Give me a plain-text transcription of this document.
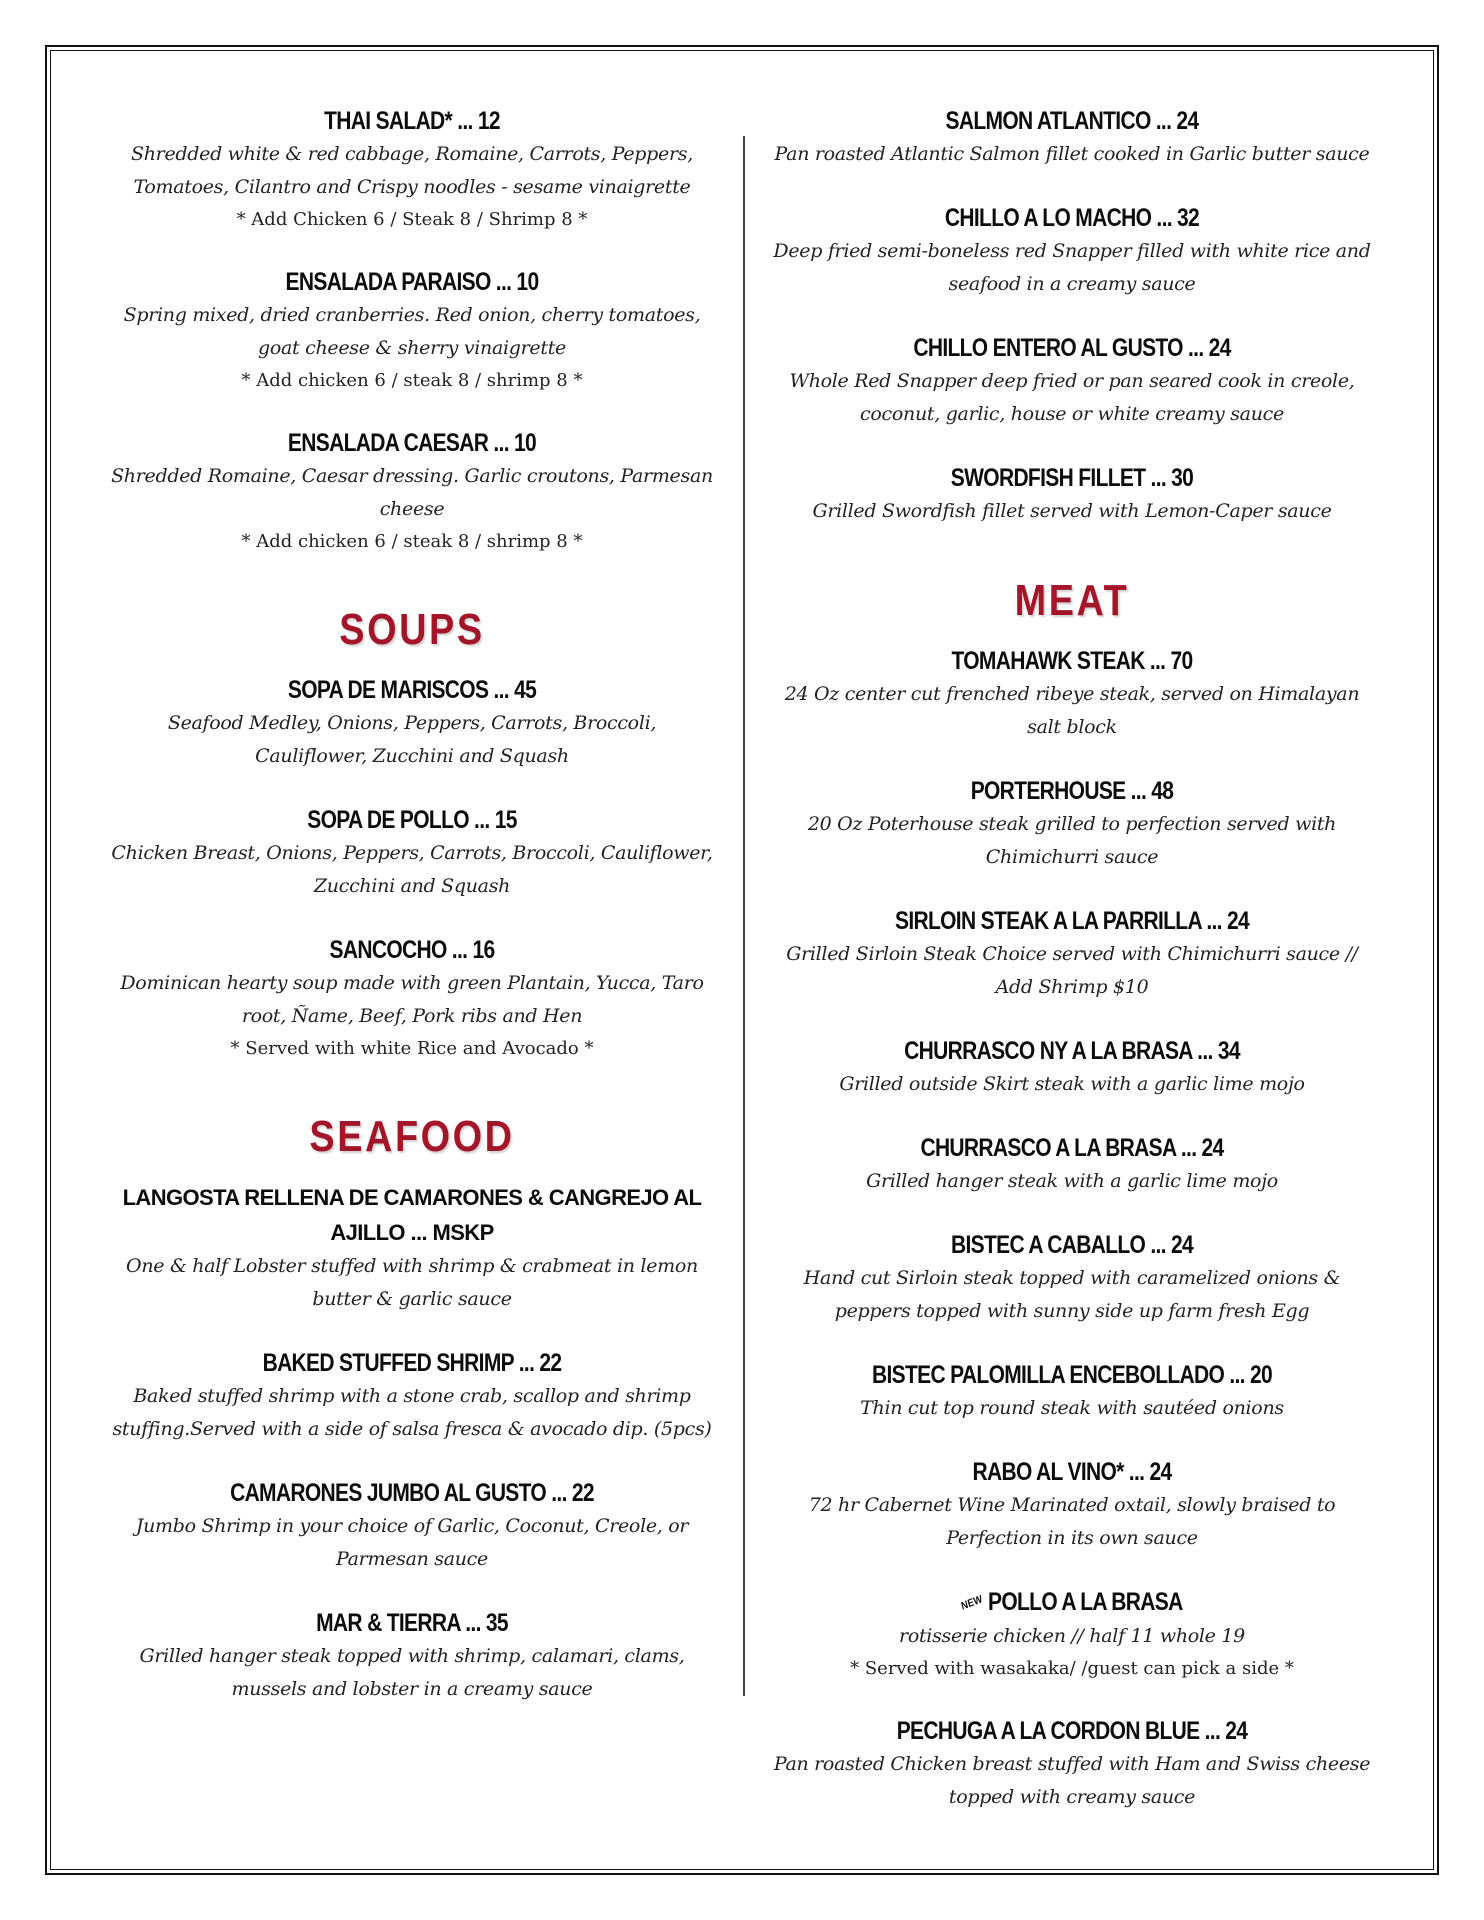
THAI SALAD* ... 12
Shredded white & red cabbage, Romaine, Carrots, Peppers, Tomatoes, Cilantro and Crispy noodles - sesame vinaigrette
* Add Chicken 6 / Steak 8 / Shrimp 8 *
ENSALADA PARAISO ... 10
Spring mixed, dried cranberries. Red onion, cherry tomatoes, goat cheese & sherry vinaigrette
* Add chicken 6 / steak 8 / shrimp 8 *
ENSALADA CAESAR ... 10
Shredded Romaine, Caesar dressing. Garlic croutons, Parmesan cheese
* Add chicken 6 / steak 8 / shrimp 8 *
SOUPS
SOPA DE MARISCOS ... 45
Seafood Medley, Onions, Peppers, Carrots, Broccoli, Cauliflower, Zucchini and Squash
SOPA DE POLLO ... 15
Chicken Breast, Onions, Peppers, Carrots, Broccoli, Cauliflower, Zucchini and Squash
SANCOCHO ... 16
Dominican hearty soup made with green Plantain, Yucca, Taro root, Ñame, Beef, Pork ribs and Hen
* Served with white Rice and Avocado *
SEAFOOD
LANGOSTA RELLENA DE CAMARONES & CANGREJO AL AJILLO ... MSKP
One & half Lobster stuffed with shrimp & crabmeat in lemon butter & garlic sauce
BAKED STUFFED SHRIMP ... 22
Baked stuffed shrimp with a stone crab, scallop and shrimp stuffing.Served with a side of salsa fresca & avocado dip. (5pcs)
CAMARONES JUMBO AL GUSTO ... 22
Jumbo Shrimp in your choice of Garlic, Coconut, Creole, or Parmesan sauce
MAR & TIERRA ... 35
Grilled hanger steak topped with shrimp, calamari, clams, mussels and lobster in a creamy sauce
SALMON ATLANTICO ... 24
Pan roasted Atlantic Salmon fillet cooked in Garlic butter sauce
CHILLO A LO MACHO ... 32
Deep fried semi-boneless red Snapper filled with white rice and seafood in a creamy sauce
CHILLO ENTERO AL GUSTO ... 24
Whole Red Snapper deep fried or pan seared cook in creole, coconut, garlic, house or white creamy sauce
SWORDFISH FILLET ... 30
Grilled Swordfish fillet served with Lemon-Caper sauce
MEAT
TOMAHAWK STEAK ... 70
24 Oz center cut frenched ribeye steak, served on Himalayan salt block
PORTERHOUSE ... 48
20 Oz Poterhouse steak grilled to perfection served with Chimichurri sauce
SIRLOIN STEAK A LA PARRILLA ... 24
Grilled Sirloin Steak Choice served with Chimichurri sauce // Add Shrimp $10
CHURRASCO NY A LA BRASA ... 34
Grilled outside Skirt steak with a garlic lime mojo
CHURRASCO A LA BRASA ... 24
Grilled hanger steak with a garlic lime mojo
BISTEC A CABALLO ... 24
Hand cut Sirloin steak topped with caramelized onions & peppers topped with sunny side up farm fresh Egg
BISTEC PALOMILLA ENCEBOLLADO ... 20
Thin cut top round steak with sautéed onions
RABO AL VINO* ... 24
72 hr Cabernet Wine Marinated oxtail, slowly braised to Perfection in its own sauce
NEW POLLO A LA BRASA
rotisserie chicken // half 11 whole 19
* Served with wasakaka/ /guest can pick a side *
PECHUGA A LA CORDON BLUE ... 24
Pan roasted Chicken breast stuffed with Ham and Swiss cheese topped with creamy sauce
